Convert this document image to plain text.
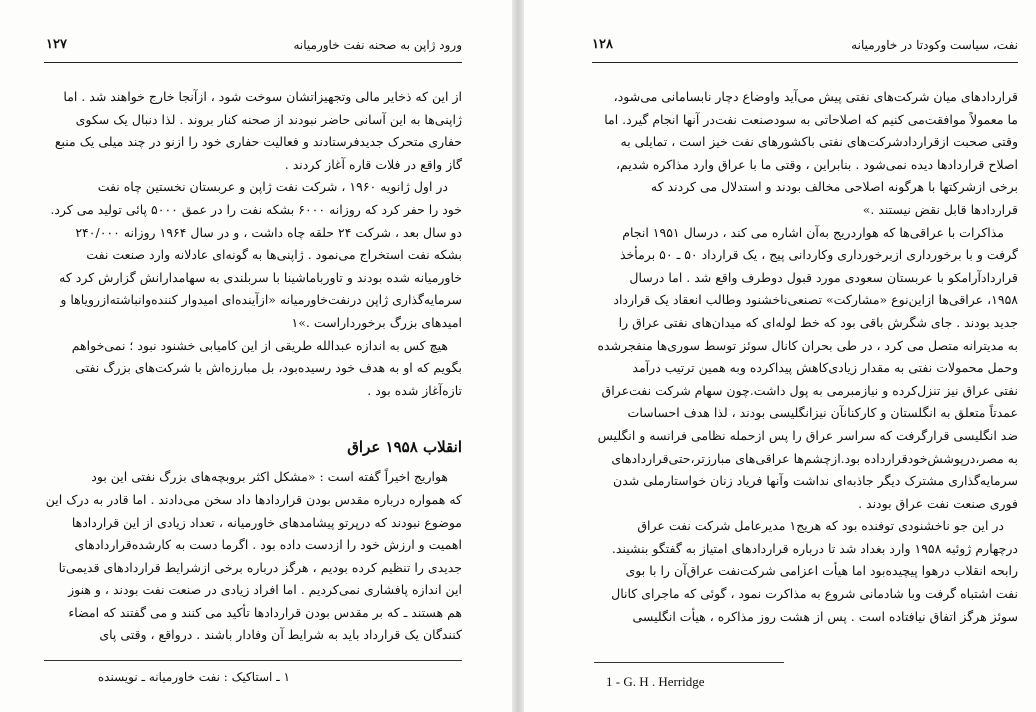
ورود ژاپن به صحنه نفت خاورمیانه
۱۲۷
از این که ذخایر مالی وتجهیزاتشان سوخت شود ، ازآنجا خارج خواهند شد . اما
ژاپنی‌ها به این آسانی حاضر نبودند از صحنه کنار بروند . لذا دنبال یک سکوی
حفاری متحرک جدیدفرستادند و فعالیت حفاری خود را ازنو در چند میلی یک منبع
گاز واقع در فلات قاره آغاز کردند .
در اول ژانویه ۱۹۶۰ ، شرکت نفت ژاپن و عربستان نخستین چاه نفت
خود را حفر کرد که روزانه ۶۰۰۰ بشکه نفت را در عمق ۵۰۰۰ پائی تولید می کرد.
دو سال بعد ، شرکت ۲۴ حلقه چاه داشت ، و در سال ۱۹۶۴ روزانه ۲۴۰/۰۰۰
بشکه نفت استخراج می‌نمود . ژاپنی‌ها به گونه‌ای عادلانه وارد صنعت نفت
خاورمیانه شده بودند و تاورباماشینا با سربلندی به سهامدارانش گزارش کرد که
سرمایه‌گذاری ژاپن درنفت‌خاورمیانه «ازآینده‌ای امیدوار کننده‌وانباشته‌ازرویاها و
امیدهای بزرگ برخورداراست .»۱
هیچ کس به اندازه عبدالله طریقی از این کامیابی خشنود نبود ؛ نمی‌خواهم
بگویم که او به هدف خود رسیده‌بود، بل مبارزه‌اش با شرکت‌های بزرگ نفتی
تازه‌آغاز شده بود .
انقلاب ۱۹۵۸ عراق
هواریج اخیراً گفته است : «مشکل اکثر بروبچه‌های بزرگ نفتی این بود
که همواره درباره مقدس بودن قراردادها داد سخن می‌دادند . اما قادر به درک این
موضوع نبودند که درپرتو پیشامدهای خاورمیانه ، تعداد زیادی از این قراردادها
اهمیت و ارزش خود را ازدست داده بود . اگرما دست به کارشده‌قراردادهای
جدیدی را تنظیم کرده بودیم ، هرگز درباره برخی ازشرایط قراردادهای قدیمی‌تا
این اندازه پافشاری نمی‌کردیم . اما افراد زیادی در صنعت نفت بودند ، و هنوز
هم هستند ـ که بر مقدس بودن قراردادها تأکید می کنند و می گفتند که امضاء
کنندگان یک قرارداد باید به شرایط آن وفادار باشند . درواقع ، وقتی پای
۱ ـ استاکیک : نفت خاورمیانه ـ نویسنده
نفت، سیاست وکودتا در خاورمیانه
۱۲۸
قراردادهای میان شرکت‌های نفتی پیش می‌آید واوضاع دچار نابسامانی می‌شود،
ما معمولاً موافقت‌می کنیم که اصلاحاتی به سودصنعت نفت‌در آنها انجام گیرد. اما
وقتی صحبت ازقراردادشرکت‌های نفتی باکشورهای نفت خیز است ، تمایلی به
اصلاح قراردادها دیده نمی‌شود . بنابراین ، وقتی ما با عراق وارد مذاکره شدیم،
برخی ازشرکتها با هرگونه اصلاحی مخالف بودند و استدلال می کردند که
قراردادها قابل نقض نیستند .»
مذاکرات با عراقی‌ها که هواردریج به‌آن اشاره می کند ، درسال ۱۹۵۱ انجام
گرفت و با برخورداری ازبرخورداری وکاردانی پیج ، یک قرارداد ۵۰ ـ ۵۰ برمأخذ
قراردادآرامکو با عربستان سعودی مورد قبول دوطرف واقع شد . اما درسال
۱۹۵۸، عراقی‌ها ازاین‌نوع «مشارکت» تصنعی‌ناخشنود وطالب انعقاد یک قرارداد
جدید بودند . جای شگرش باقی بود که خط لوله‌ای که میدان‌های نفتی عراق را
به مدیترانه متصل می کرد ، در طی بحران کانال سوئز توسط سوری‌ها منفجرشده
وحمل محمولات نفتی به مقدار زیادی‌کاهش پیداکرده وبه همین ترتیب درآمد
نفتی عراق نیز تنزل‌کرده و نیازمبرمی به پول داشت.چون سهام شرکت نفت‌عراق
عمدتاً متعلق به انگلستان و کارکنانآن نیزانگلیسی بودند ، لذا هدف احساسات
ضد انگلیسی قرارگرفت که سراسر عراق را پس ازحمله نظامی فرانسه و انگلیس
به مصر،درپوشش‌خودقرارداده بود.ازچشم‌ها عراقی‌های مبارزتر،حتی‌قراردادهای
سرمایه‌گذاری مشترک دیگر جاذبه‌ای نداشت وآنها فریاد زنان خواستارملی شدن
فوری صنعت نفت عراق بودند .
در این جو ناخشنودی توفنده بود که هریج۱ مدیرعامل شرکت نفت عراق
درچهارم ژوئیه ۱۹۵۸ وارد بغداد شد تا درباره قراردادهای امتیاز به گفتگو بنشیند.
رابحه انقلاب درهوا پیچیده‌بود اما هیأت اعزامی شرکت‌نفت عراق‌آن را با بوی
نفت اشتباه گرفت وبا شادمانی شروع به مذاکرت نمود ، گوئی که ماجرای کانال
سوئز هرگز اتفاق نیافتاده است . پس از هشت روز مذاکره ، هیأت انگلیسی
1 - G. H . Herridge
